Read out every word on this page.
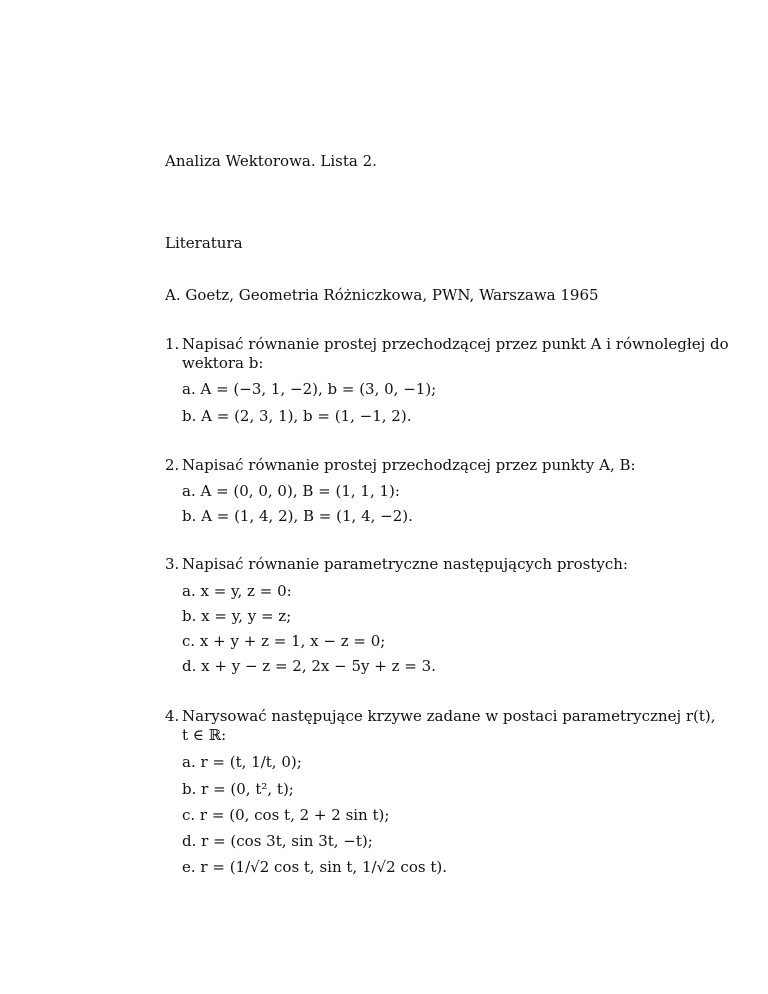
Analiza Wektorowa. Lista 2.
Literatura
A. Goetz, Geometria Różniczkowa, PWN, Warszawa 1965
1. Napisać równanie prostej przechodzącej przez punkt A i równoległej do
wektora b:
a. A = (−3, 1, −2), b = (3, 0, −1);
b. A = (2, 3, 1), b = (1, −1, 2).
2. Napisać równanie prostej przechodzącej przez punkty A, B:
a. A = (0, 0, 0), B = (1, 1, 1):
b. A = (1, 4, 2), B = (1, 4, −2).
3. Napisać równanie parametryczne następujących prostych:
a. x = y, z = 0:
b. x = y, y = z;
c. x + y + z = 1, x − z = 0;
d. x + y − z = 2, 2x − 5y + z = 3.
4. Narysować następujące krzywe zadane w postaci parametrycznej r(t),
t ∈ ℝ:
a. r = (t, 1/t, 0);
b. r = (0, t², t);
c. r = (0, cos t, 2 + 2 sin t);
d. r = (cos 3t, sin 3t, −t);
e. r = (1/√2 cos t, sin t, 1/√2 cos t).
